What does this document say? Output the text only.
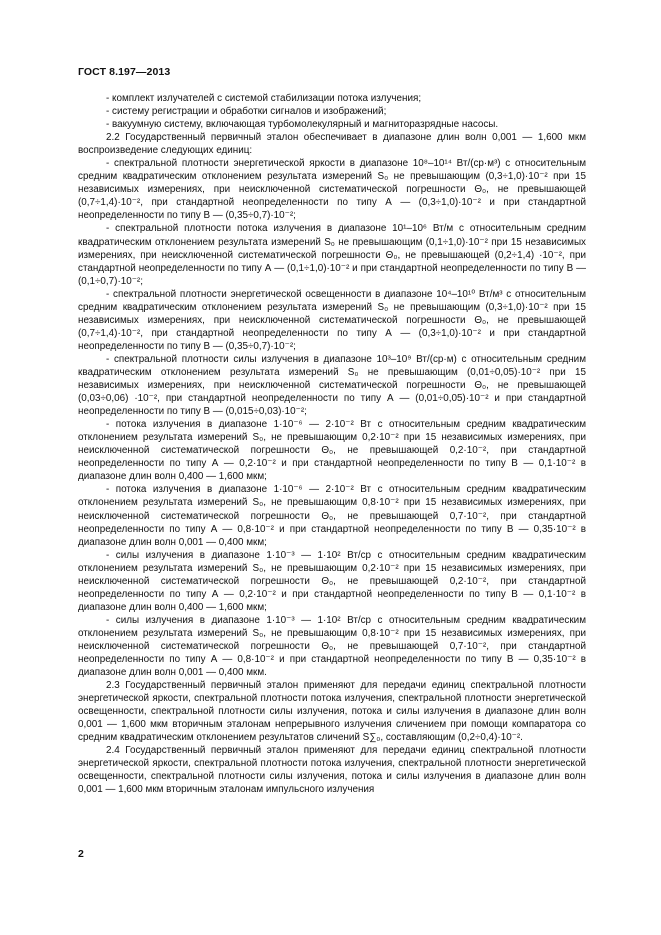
ГОСТ 8.197—2013

- комплект излучателей с системой стабилизации потока излучения;

- систему регистрации и обработки сигналов и изображений;

- вакуумную систему, включающая турбомолекулярный и магниторазрядные насосы.

2.2 Государственный первичный эталон обеспечивает в диапазоне длин волн 0,001 — 1,600 мкм воспроизведение следующих единиц:

- спектральной плотности энергетической яркости в диапазоне 10⁸–10¹⁴ Вт/(ср·м³) с относительным средним квадратическим отклонением результата измерений S₀ не превышающим (0,3÷1,0)·10⁻² при 15 независимых измерениях, при неисключенной систематической погрешности Θ₀, не превышающей (0,7÷1,4)·10⁻², при стандартной неопределенности по типу А — (0,3÷1,0)·10⁻² и при стандартной неопределенности по типу В — (0,35÷0,7)·10⁻²;

- спектральной плотности потока излучения в диапазоне 10¹–10⁶ Вт/м с относительным средним квадратическим отклонением результата измерений S₀ не превышающим (0,1÷1,0)·10⁻² при 15 независимых измерениях, при неисключенной систематической погрешности Θ₀, не превышающей (0,2÷1,4) ·10⁻², при стандартной неопределенности по типу А — (0,1÷1,0)·10⁻² и при стандартной неопределенности по типу В — (0,1÷0,7)·10⁻²;

- спектральной плотности энергетической освещенности в диапазоне 10⁴–10¹⁰ Вт/м³ с относительным средним квадратическим отклонением результата измерений S₀ не превышающим (0,3÷1,0)·10⁻² при 15 независимых измерениях, при неисключенной систематической погрешности Θ₀, не превышающей (0,7÷1,4)·10⁻², при стандартной неопределенности по типу А — (0,3÷1,0)·10⁻² и при стандартной неопределенности по типу В — (0,35÷0,7)·10⁻²;

- спектральной плотности силы излучения в диапазоне 10³–10⁹ Вт/(ср·м) с относительным средним квадратическим отклонением результата измерений S₀ не превышающим (0,01÷0,05)·10⁻² при 15 независимых измерениях, при неисключенной систематической погрешности Θ₀, не превышающей (0,03÷0,06) ·10⁻², при стандартной неопределенности по типу А — (0,01÷0,05)·10⁻² и при стандартной неопределенности по типу В — (0,015÷0,03)·10⁻²;

- потока излучения в диапазоне 1·10⁻⁶ — 2·10⁻² Вт с относительным средним квадратическим отклонением результата измерений S₀, не превышающим 0,2·10⁻² при 15 независимых измерениях, при неисключенной систематической погрешности Θ₀, не превышающей 0,2·10⁻², при стандартной неопределенности по типу А — 0,2·10⁻² и при стандартной неопределенности по типу В — 0,1·10⁻² в диапазоне длин волн 0,400 — 1,600 мкм;

- потока излучения в диапазоне 1·10⁻⁶ — 2·10⁻² Вт с относительным средним квадратическим отклонением результата измерений S₀, не превышающим 0,8·10⁻² при 15 независимых измерениях, при неисключенной систематической погрешности Θ₀, не превышающей 0,7·10⁻², при стандартной неопределенности по типу А — 0,8·10⁻² и при стандартной неопределенности по типу В — 0,35·10⁻² в диапазоне длин волн 0,001 — 0,400 мкм;

- силы излучения в диапазоне 1·10⁻³ — 1·10² Вт/ср с относительным средним квадратическим отклонением результата измерений S₀, не превышающим 0,2·10⁻² при 15 независимых измерениях, при неисключенной систематической погрешности Θ₀, не превышающей 0,2·10⁻², при стандартной неопределенности по типу А — 0,2·10⁻² и при стандартной неопределенности по типу В — 0,1·10⁻² в диапазоне длин волн 0,400 — 1,600 мкм;

- силы излучения в диапазоне 1·10⁻³ — 1·10² Вт/ср с относительным средним квадратическим отклонением результата измерений S₀, не превышающим 0,8·10⁻² при 15 независимых измерениях, при неисключенной систематической погрешности Θ₀, не превышающей 0,7·10⁻², при стандартной неопределенности по типу А — 0,8·10⁻² и при стандартной неопределенности по типу В — 0,35·10⁻² в диапазоне длин волн 0,001 — 0,400 мкм.

2.3 Государственный первичный эталон применяют для передачи единиц спектральной плотности энергетической яркости, спектральной плотности потока излучения, спектральной плотности энергетической освещенности, спектральной плотности силы излучения, потока и силы излучения в диапазоне длин волн 0,001 — 1,600 мкм вторичным эталонам непрерывного излучения сличением при помощи компаратора со средним квадратическим отклонением результатов сличений S∑₀, составляющим (0,2÷0,4)·10⁻².

2.4 Государственный первичный эталон применяют для передачи единиц спектральной плотности энергетической яркости, спектральной плотности потока излучения, спектральной плотности энергетической освещенности, спектральной плотности силы излучения, потока и силы излучения в диапазоне длин волн 0,001 — 1,600 мкм вторичным эталонам импульсного излучения

2
